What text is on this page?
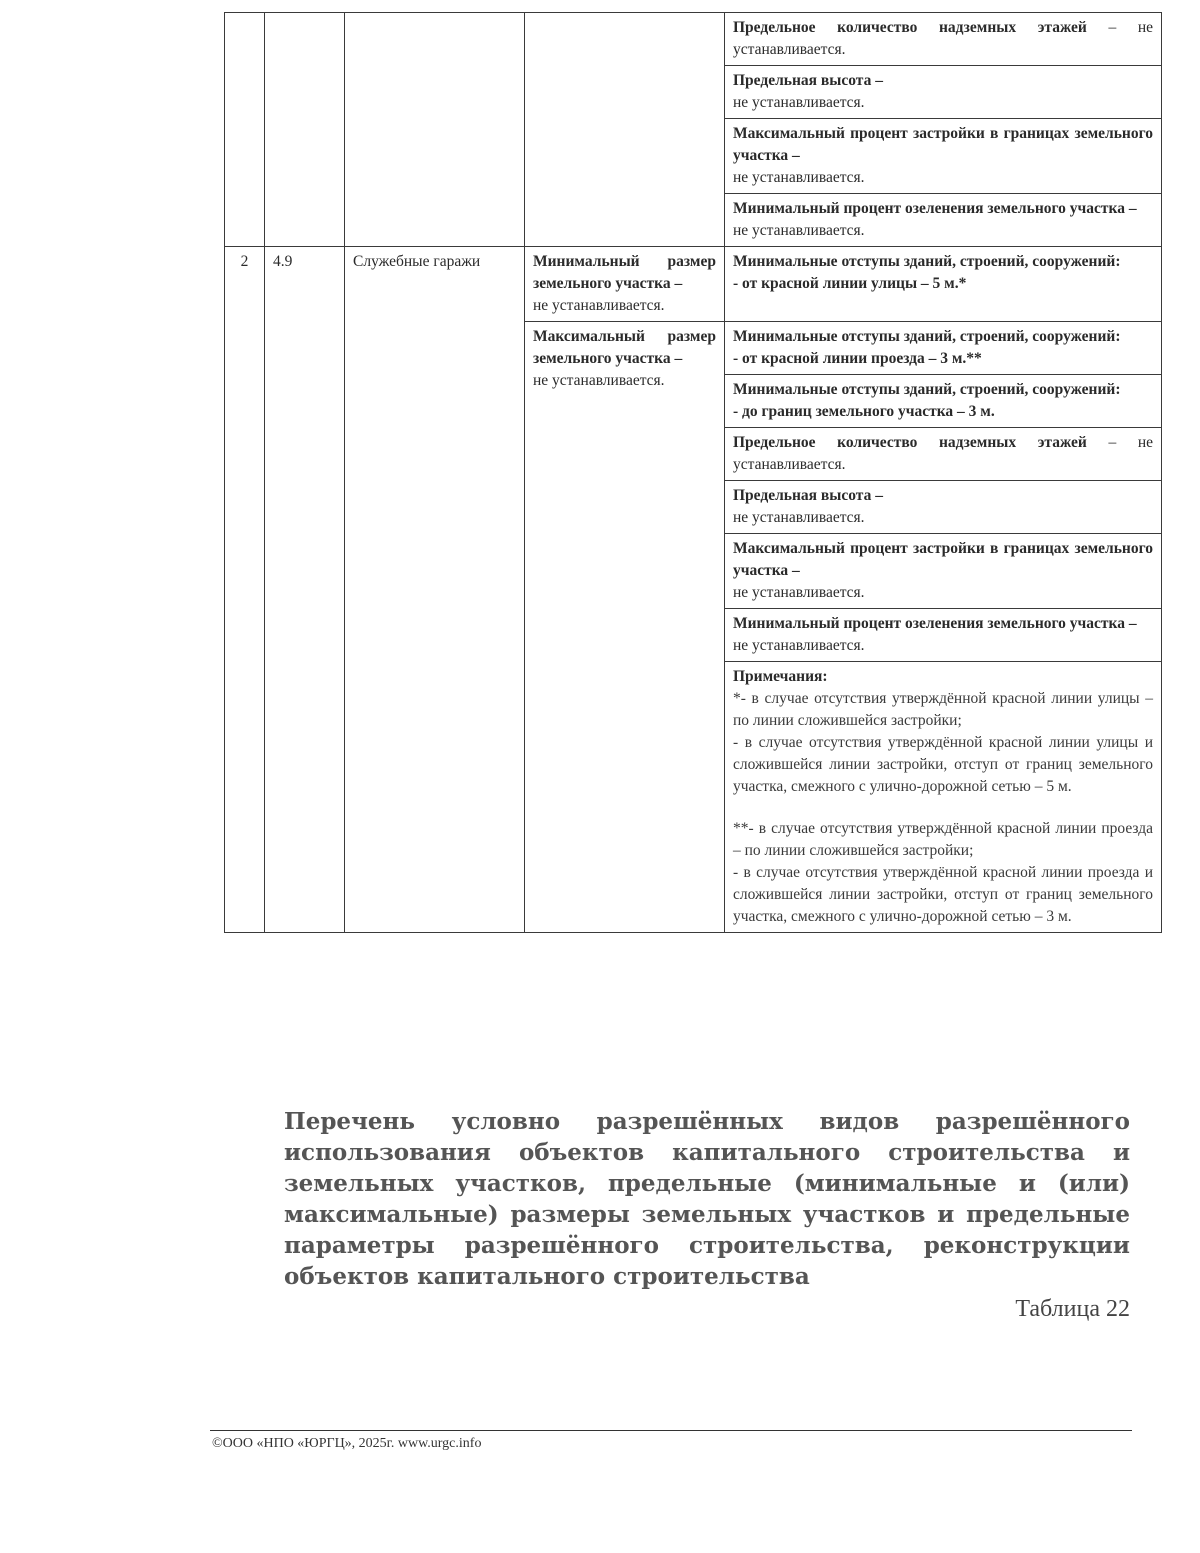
				Предельное количество надземных этажей – не устанавливается.
				Предельная высота –
не устанавливается.

				Максимальный процент застройки в границах земельного участка –
не устанавливается.

				Минимальный процент озеленения земельного участка –
не устанавливается.
2	4.9	Служебные гаражи	Минимальный размер земельного участка –
не устанавливается.	Минимальные отступы зданий, строений, сооружений:
- от красной линии улицы – 5 м.*

			Максимальный размер земельного участка –
не устанавливается.	Минимальные отступы зданий, строений, сооружений:
- от красной линии проезда – 3 м.**

				Минимальные отступы зданий, строений, сооружений:
- до границ земельного участка – 3 м.
				Предельное количество надземных этажей – не устанавливается.
				Предельная высота –
не устанавливается.

				Максимальный процент застройки в границах земельного участка –
не устанавливается.

				Минимальный процент озеленения земельного участка –
не устанавливается.

				Примечания:
*- в случае отсутствия утверждённой красной линии улицы – по линии сложившейся застройки;
- в случае отсутствия утверждённой красной линии улицы и сложившейся линии застройки, отступ от границ земельного участка, смежного с улично-дорожной сетью – 5 м.
**- в случае отсутствия утверждённой красной линии проезда – по линии сложившейся застройки;
- в случае отсутствия утверждённой красной линии проезда и сложившейся линии застройки, отступ от границ земельного участка, смежного с улично-дорожной сетью – 3 м.

Перечень условно разрешённых видов разрешённого использования объектов капитального строительства и земельных участков, предельные (минимальные и (или) максимальные) размеры земельных участков и предельные параметры разрешённого строительства, реконструкции объектов капитального строительства

Таблица 22
©ООО «НПО «ЮРГЦ», 2025г. www.urgc.info
